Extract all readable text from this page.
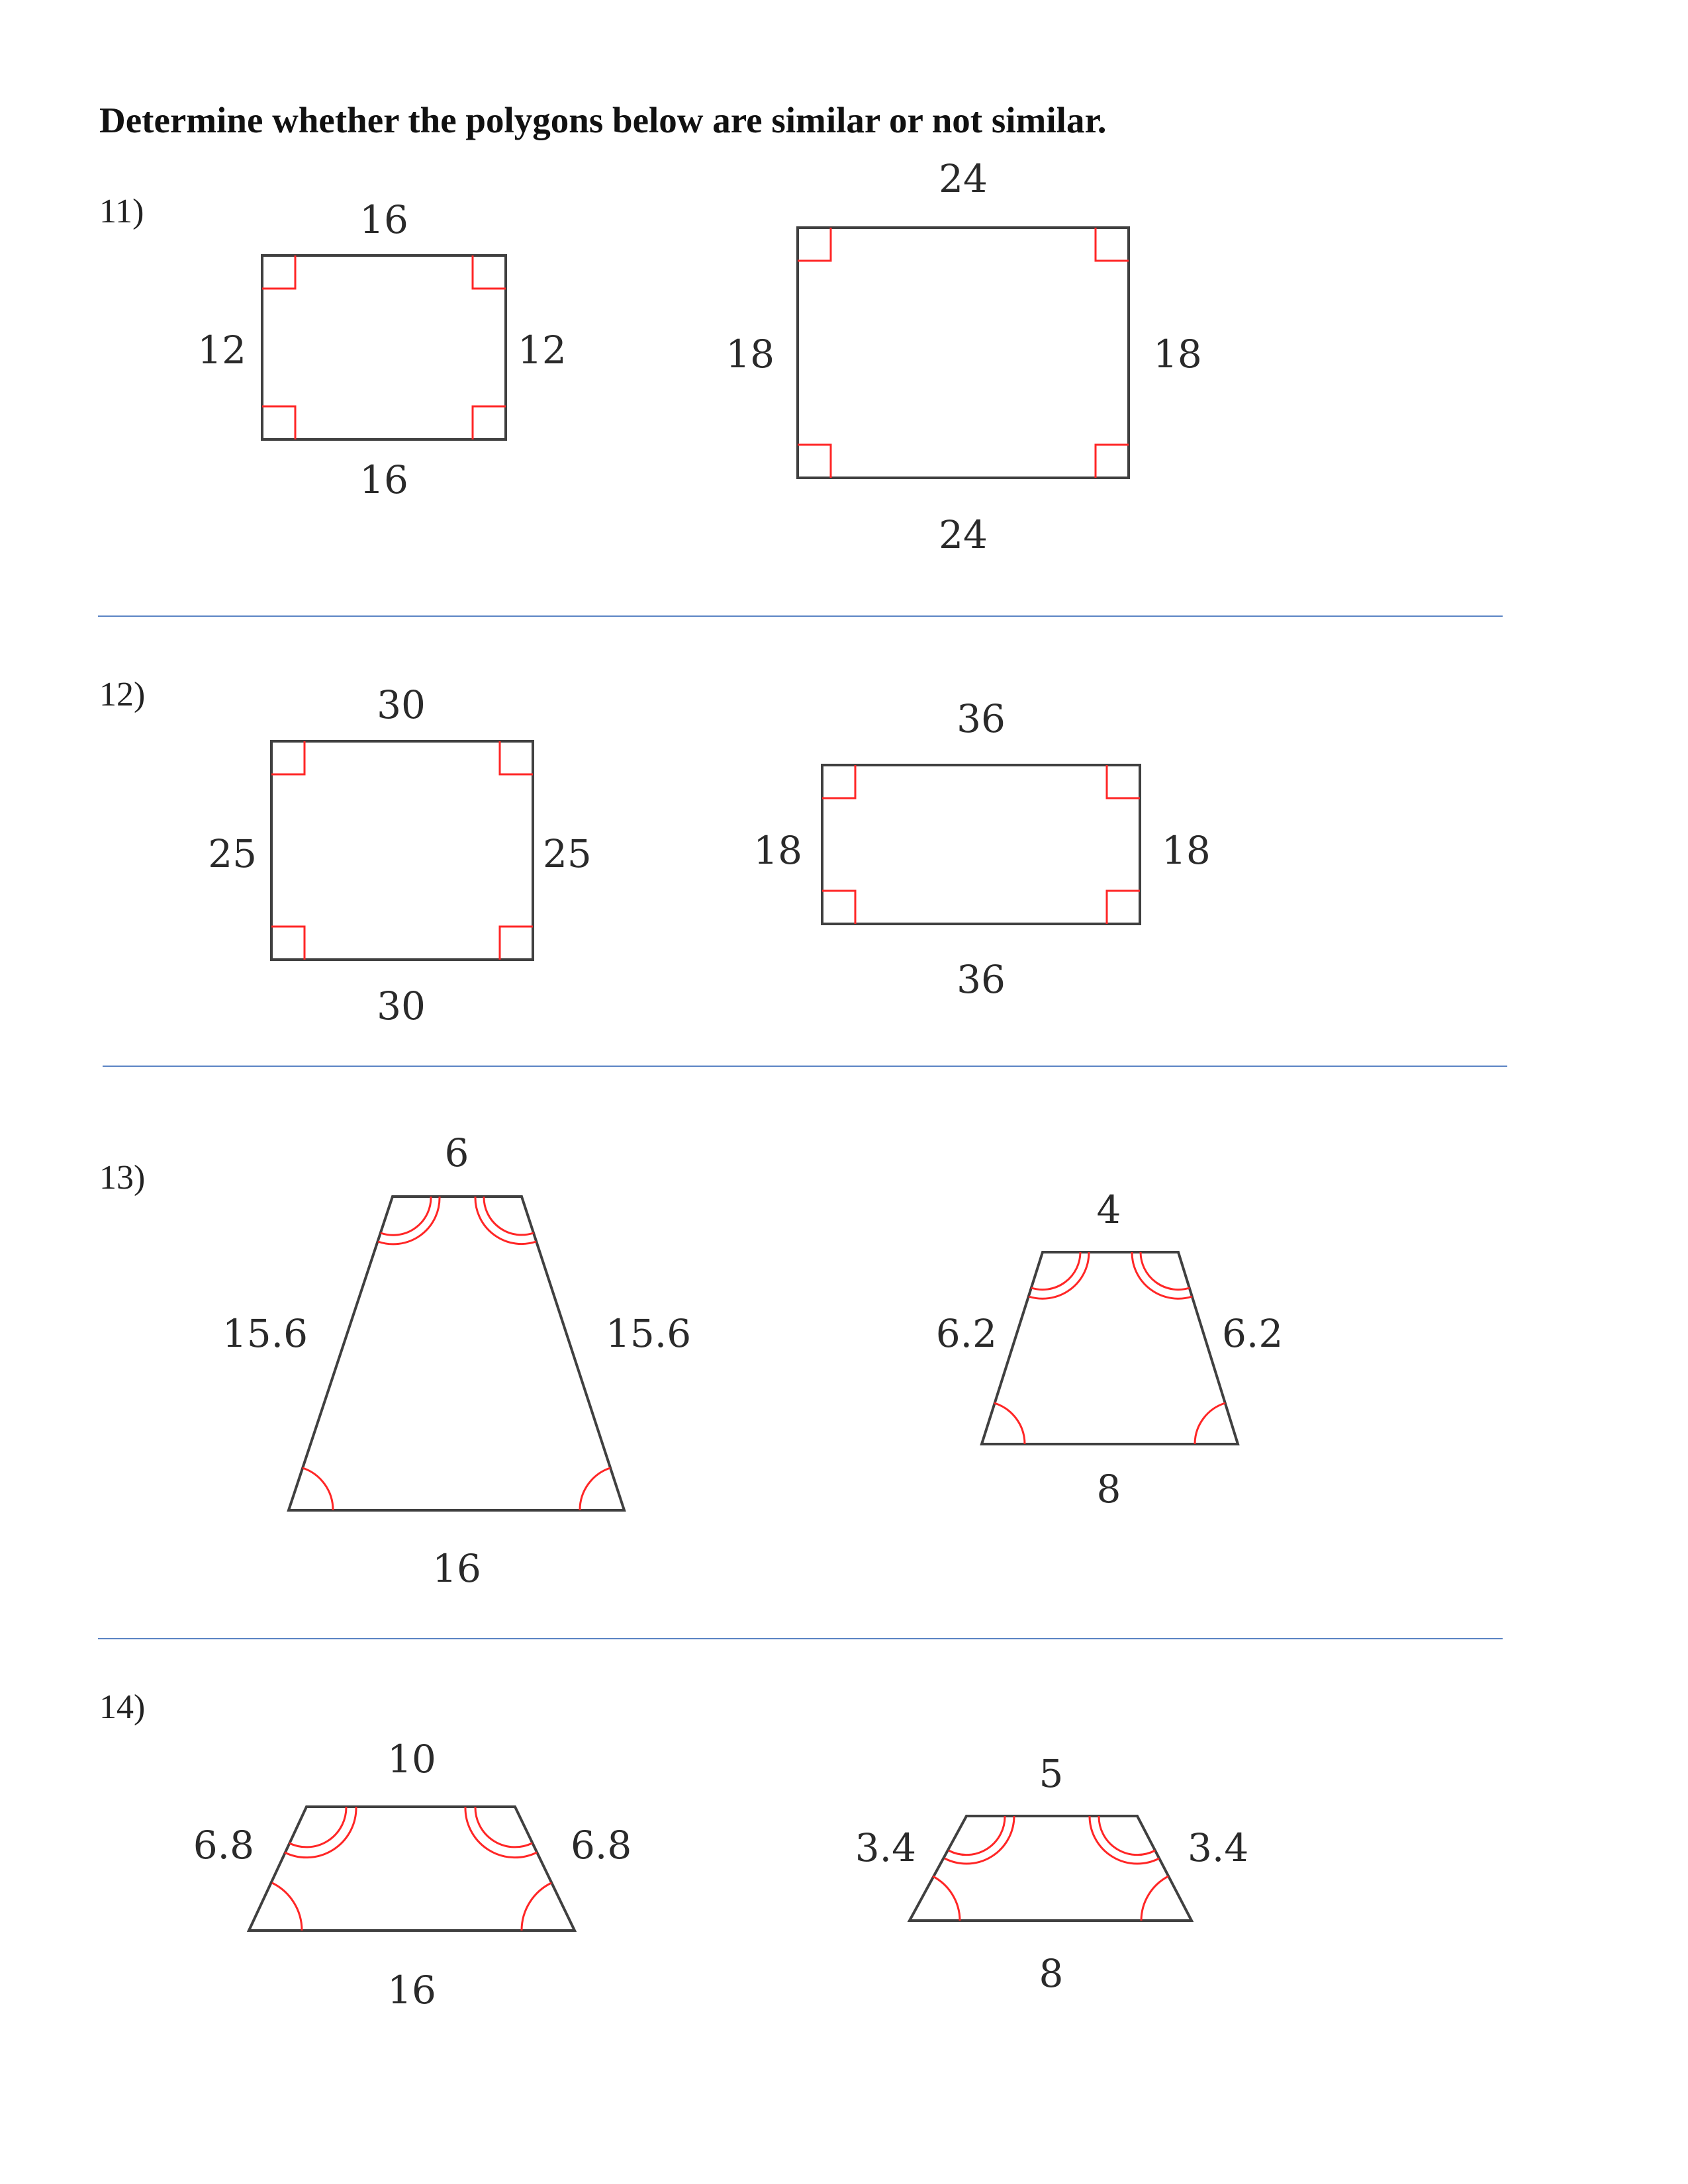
Determine whether the polygons below are similar or not similar.
11)
12)
13)
14)
16
16
12	12
24
24
18	18
30
30
25	25
36
36
18	18
6
16
15.6	15.6
4
8
6.2	6.2
10
16
6.8	6.8
5
8
3.4	3.4
